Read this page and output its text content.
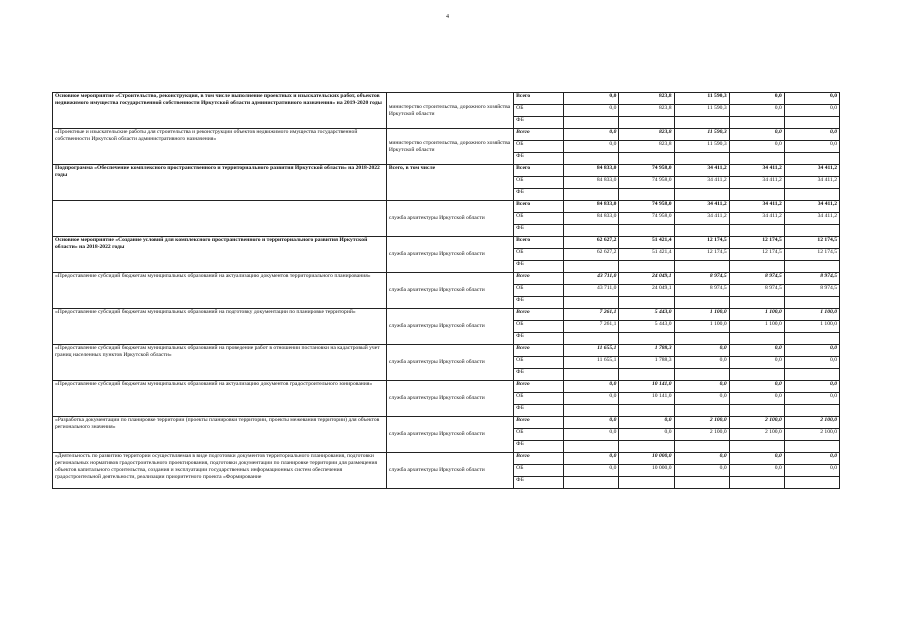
4
Основное мероприятие «Строительство, реконструкция, в том числе выполнение проектных и изыскательских работ, объектов недвижимого имущества государственной собственности Иркутской области административного назначения» на 2019-2020 годы	министерство строительства, дорожного хозяйства Иркутской области	Всего	0,0	823,8	11 590,3	0,0	0,0
		ОБ	0,0	823,8	11 590,3	0,0	0,0
		ФБ					
«Проектные и изыскательские работы для строительства и реконструкции объектов недвижимого имущества государственной собственности Иркутской области административного назначения»	министерство строительства, дорожного хозяйства Иркутской области	Всего	0,0	823,8	11 590,3	0,0	0,0
		ОБ	0,0	823,8	11 590,3	0,0	0,0
		ФБ					
Подпрограмма «Обеспечение комплексного пространственного и территориального развития Иркутской области» на 2018-2022 годы	Всего, в том числе	Всего	84 833,0	74 958,0	34 411,2	34 411,2	34 411,2
		ОБ	84 833,0	74 958,0	34 411,2	34 411,2	34 411,2
		ФБ					
	служба архитектуры Иркутской области	Всего	84 833,0	74 958,0	34 411,2	34 411,2	34 411,2
		ОБ	84 833,0	74 958,0	34 411,2	34 411,2	34 411,2
		ФБ					
Основное мероприятие «Создание условий для комплексного пространственного и территориального развития Иркутской области» на 2018-2022 годы	служба архитектуры Иркутской области	Всего	62 627,2	51 421,4	12 174,5	12 174,5	12 174,5
		ОБ	62 627,2	51 421,4	12 174,5	12 174,5	12 174,5
		ФБ					
«Предоставление субсидий бюджетам муниципальных образований на актуализацию документов территориального планирования»	служба архитектуры Иркутской области	Всего	43 711,0	24 049,1	8 974,5	8 974,5	8 974,5
		ОБ	43 711,0	24 049,1	8 974,5	8 974,5	8 974,5
		ФБ					
«Предоставление субсидий бюджетам муниципальных образований на подготовку документации по планировке территорий»	служба архитектуры Иркутской области	Всего	7 261,1	5 443,0	1 100,0	1 100,0	1 100,0
		ОБ	7 261,1	5 443,0	1 100,0	1 100,0	1 100,0
		ФБ					
«Предоставление субсидий бюджетам муниципальных образований на проведение работ в отношении постановки на кадастровый учет границ населенных пунктов Иркутской области»	служба архитектуры Иркутской области	Всего	11 655,1	1 788,3	0,0	0,0	0,0
		ОБ	11 655,1	1 788,3	0,0	0,0	0,0
		ФБ					
«Предоставление субсидий бюджетам муниципальных образований на актуализацию документов градостроительного зонирования»	служба архитектуры Иркутской области	Всего	0,0	10 141,0	0,0	0,0	0,0
		ОБ	0,0	10 141,0	0,0	0,0	0,0
		ФБ					
«Разработка документации по планировке территории (проекты планировки территории, проекты межевания территории) для объектов регионального значения»	служба архитектуры Иркутской области	Всего	0,0	0,0	2 100,0	2 100,0	2 100,0
		ОБ	0,0	0,0	2 100,0	2 100,0	2 100,0
		ФБ					
«Деятельность по развитию территории осуществляемая в виде подготовки документов территориального планирования, подготовки региональных нормативов градостроительного проектирования, подготовки документации по планировке территории для размещения объектов капитального строительства, создания и эксплуатации государственных информационных систем обеспечения градостроительной деятельности, реализации приоритетного проекта «Формирование	служба архитектуры Иркутской области	Всего	0,0	10 000,0	0,0	0,0	0,0
		ОБ	0,0	10 000,0	0,0	0,0	0,0
		ФБ					
